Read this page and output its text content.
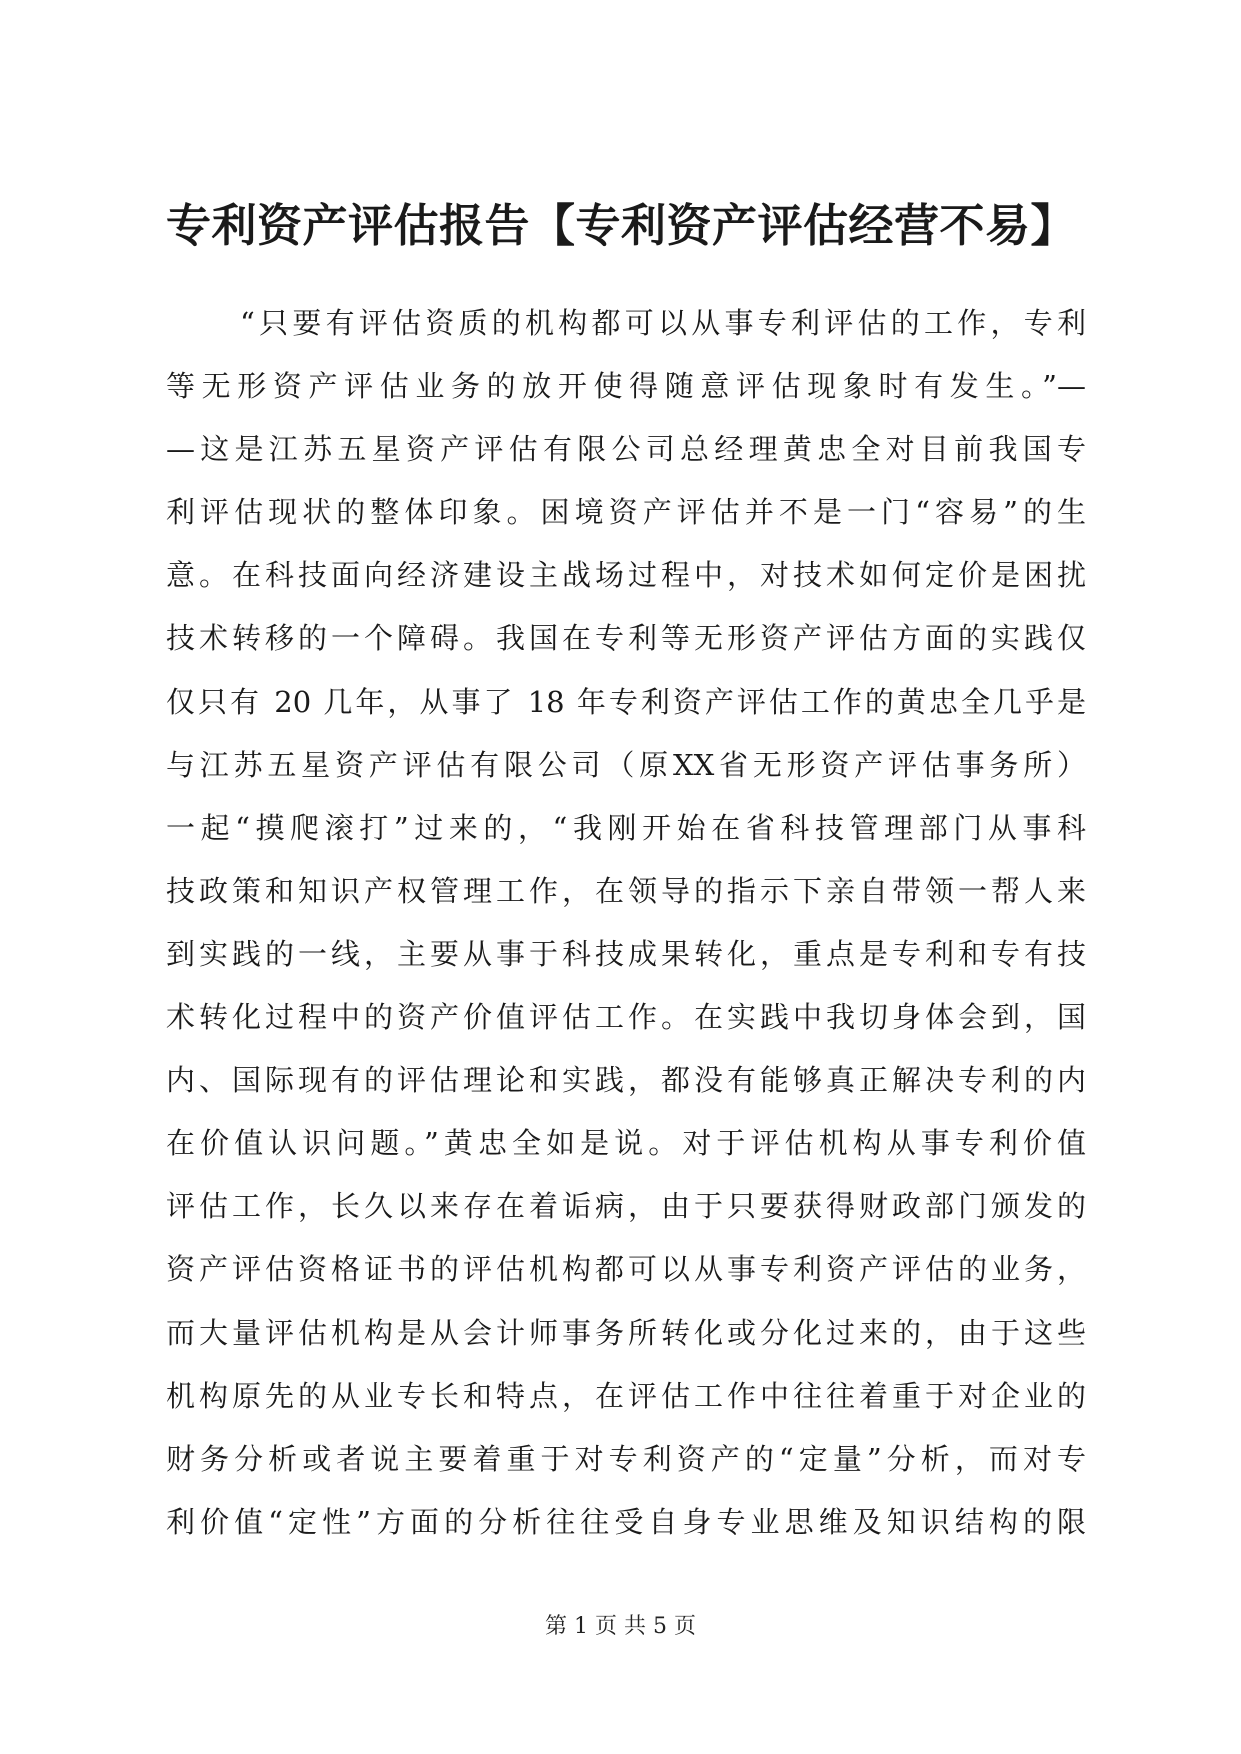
专利资产评估报告【专利资产评估经营不易】
“只要有评估资质的机构都可以从事专利评估的工作，专利
等无形资产评估业务的放开使得随意评估现象时有发生。”—
—这是江苏五星资产评估有限公司总经理黄忠全对目前我国专
利评估现状的整体印象。困境资产评估并不是一门“容易”的生
意。在科技面向经济建设主战场过程中，对技术如何定价是困扰
技术转移的一个障碍。我国在专利等无形资产评估方面的实践仅
仅只有 20 几年，从事了 18 年专利资产评估工作的黄忠全几乎是
与江苏五星资产评估有限公司（原XX省无形资产评估事务所）
一起“摸爬滚打”过来的，“我刚开始在省科技管理部门从事科
技政策和知识产权管理工作，在领导的指示下亲自带领一帮人来
到实践的一线，主要从事于科技成果转化，重点是专利和专有技
术转化过程中的资产价值评估工作。在实践中我切身体会到，国
内、国际现有的评估理论和实践，都没有能够真正解决专利的内
在价值认识问题。”黄忠全如是说。对于评估机构从事专利价值
评估工作，长久以来存在着诟病，由于只要获得财政部门颁发的
资产评估资格证书的评估机构都可以从事专利资产评估的业务，
而大量评估机构是从会计师事务所转化或分化过来的，由于这些
机构原先的从业专长和特点，在评估工作中往往着重于对企业的
财务分析或者说主要着重于对专利资产的“定量”分析，而对专
利价值“定性”方面的分析往往受自身专业思维及知识结构的限
第 1 页 共 5 页
